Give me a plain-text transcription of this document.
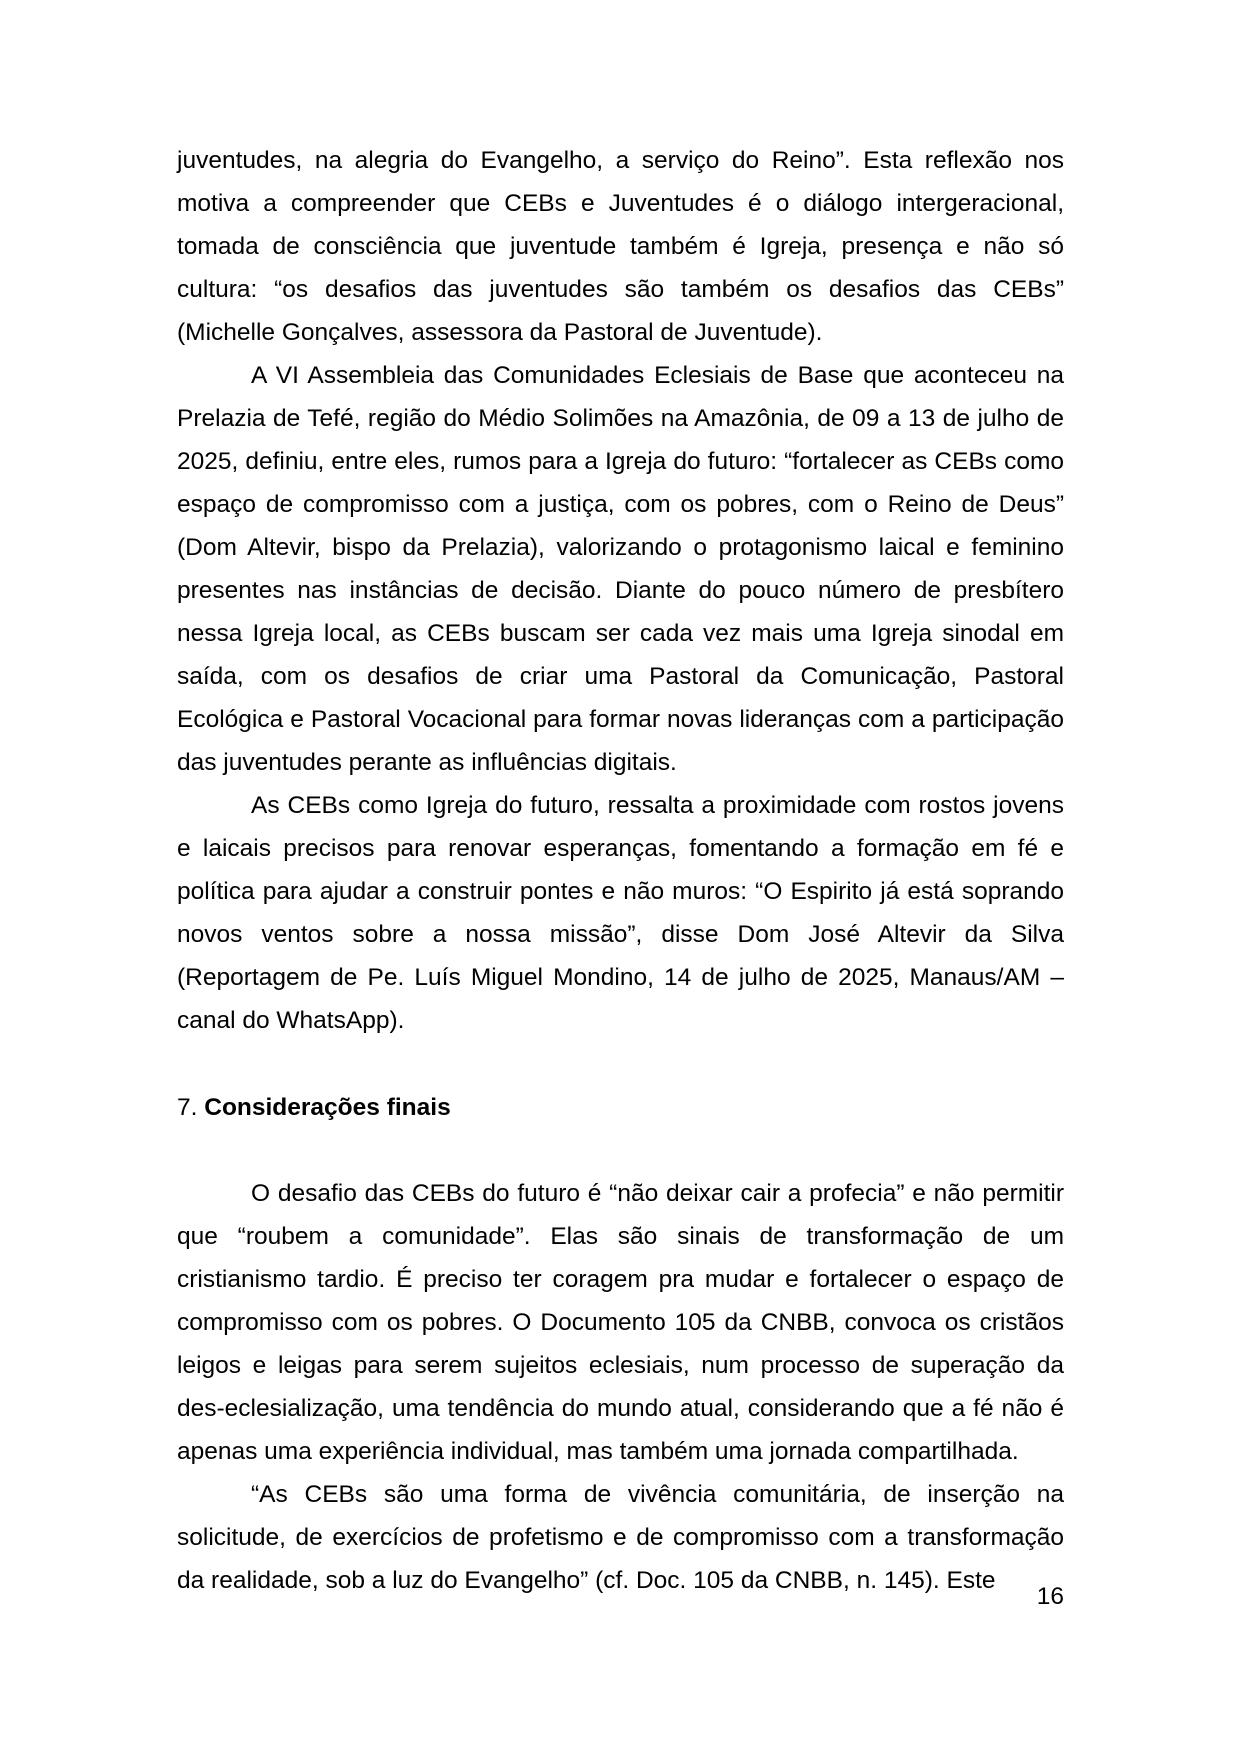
juventudes, na alegria do Evangelho, a serviço do Reino”. Esta reflexão nos motiva a compreender que CEBs e Juventudes é o diálogo intergeracional, tomada de consciência que juventude também é Igreja, presença e não só cultura: “os desafios das juventudes são também os desafios das CEBs” (Michelle Gonçalves, assessora da Pastoral de Juventude).

A VI Assembleia das Comunidades Eclesiais de Base que aconteceu na Prelazia de Tefé, região do Médio Solimões na Amazônia, de 09 a 13 de julho de 2025, definiu, entre eles, rumos para a Igreja do futuro: “fortalecer as CEBs como espaço de compromisso com a justiça, com os pobres, com o Reino de Deus” (Dom Altevir, bispo da Prelazia), valorizando o protagonismo laical e feminino presentes nas instâncias de decisão. Diante do pouco número de presbítero nessa Igreja local, as CEBs buscam ser cada vez mais uma Igreja sinodal em saída, com os desafios de criar uma Pastoral da Comunicação, Pastoral Ecológica e Pastoral Vocacional para formar novas lideranças com a participação das juventudes perante as influências digitais.

As CEBs como Igreja do futuro, ressalta a proximidade com rostos jovens e laicais precisos para renovar esperanças, fomentando a formação em fé e política para ajudar a construir pontes e não muros: “O Espirito já está soprando novos ventos sobre a nossa missão”, disse Dom José Altevir da Silva (Reportagem de Pe. Luís Miguel Mondino, 14 de julho de 2025, Manaus/AM – canal do WhatsApp).

7. Considerações finais

O desafio das CEBs do futuro é “não deixar cair a profecia” e não permitir que “roubem a comunidade”. Elas são sinais de transformação de um cristianismo tardio. É preciso ter coragem pra mudar e fortalecer o espaço de compromisso com os pobres. O Documento 105 da CNBB, convoca os cristãos leigos e leigas para serem sujeitos eclesiais, num processo de superação da des-eclesialização, uma tendência do mundo atual, considerando que a fé não é apenas uma experiência individual, mas também uma jornada compartilhada.

“As CEBs são uma forma de vivência comunitária, de inserção na solicitude, de exercícios de profetismo e de compromisso com a transformação da realidade, sob a luz do Evangelho” (cf. Doc. 105 da CNBB, n. 145). Este

16
